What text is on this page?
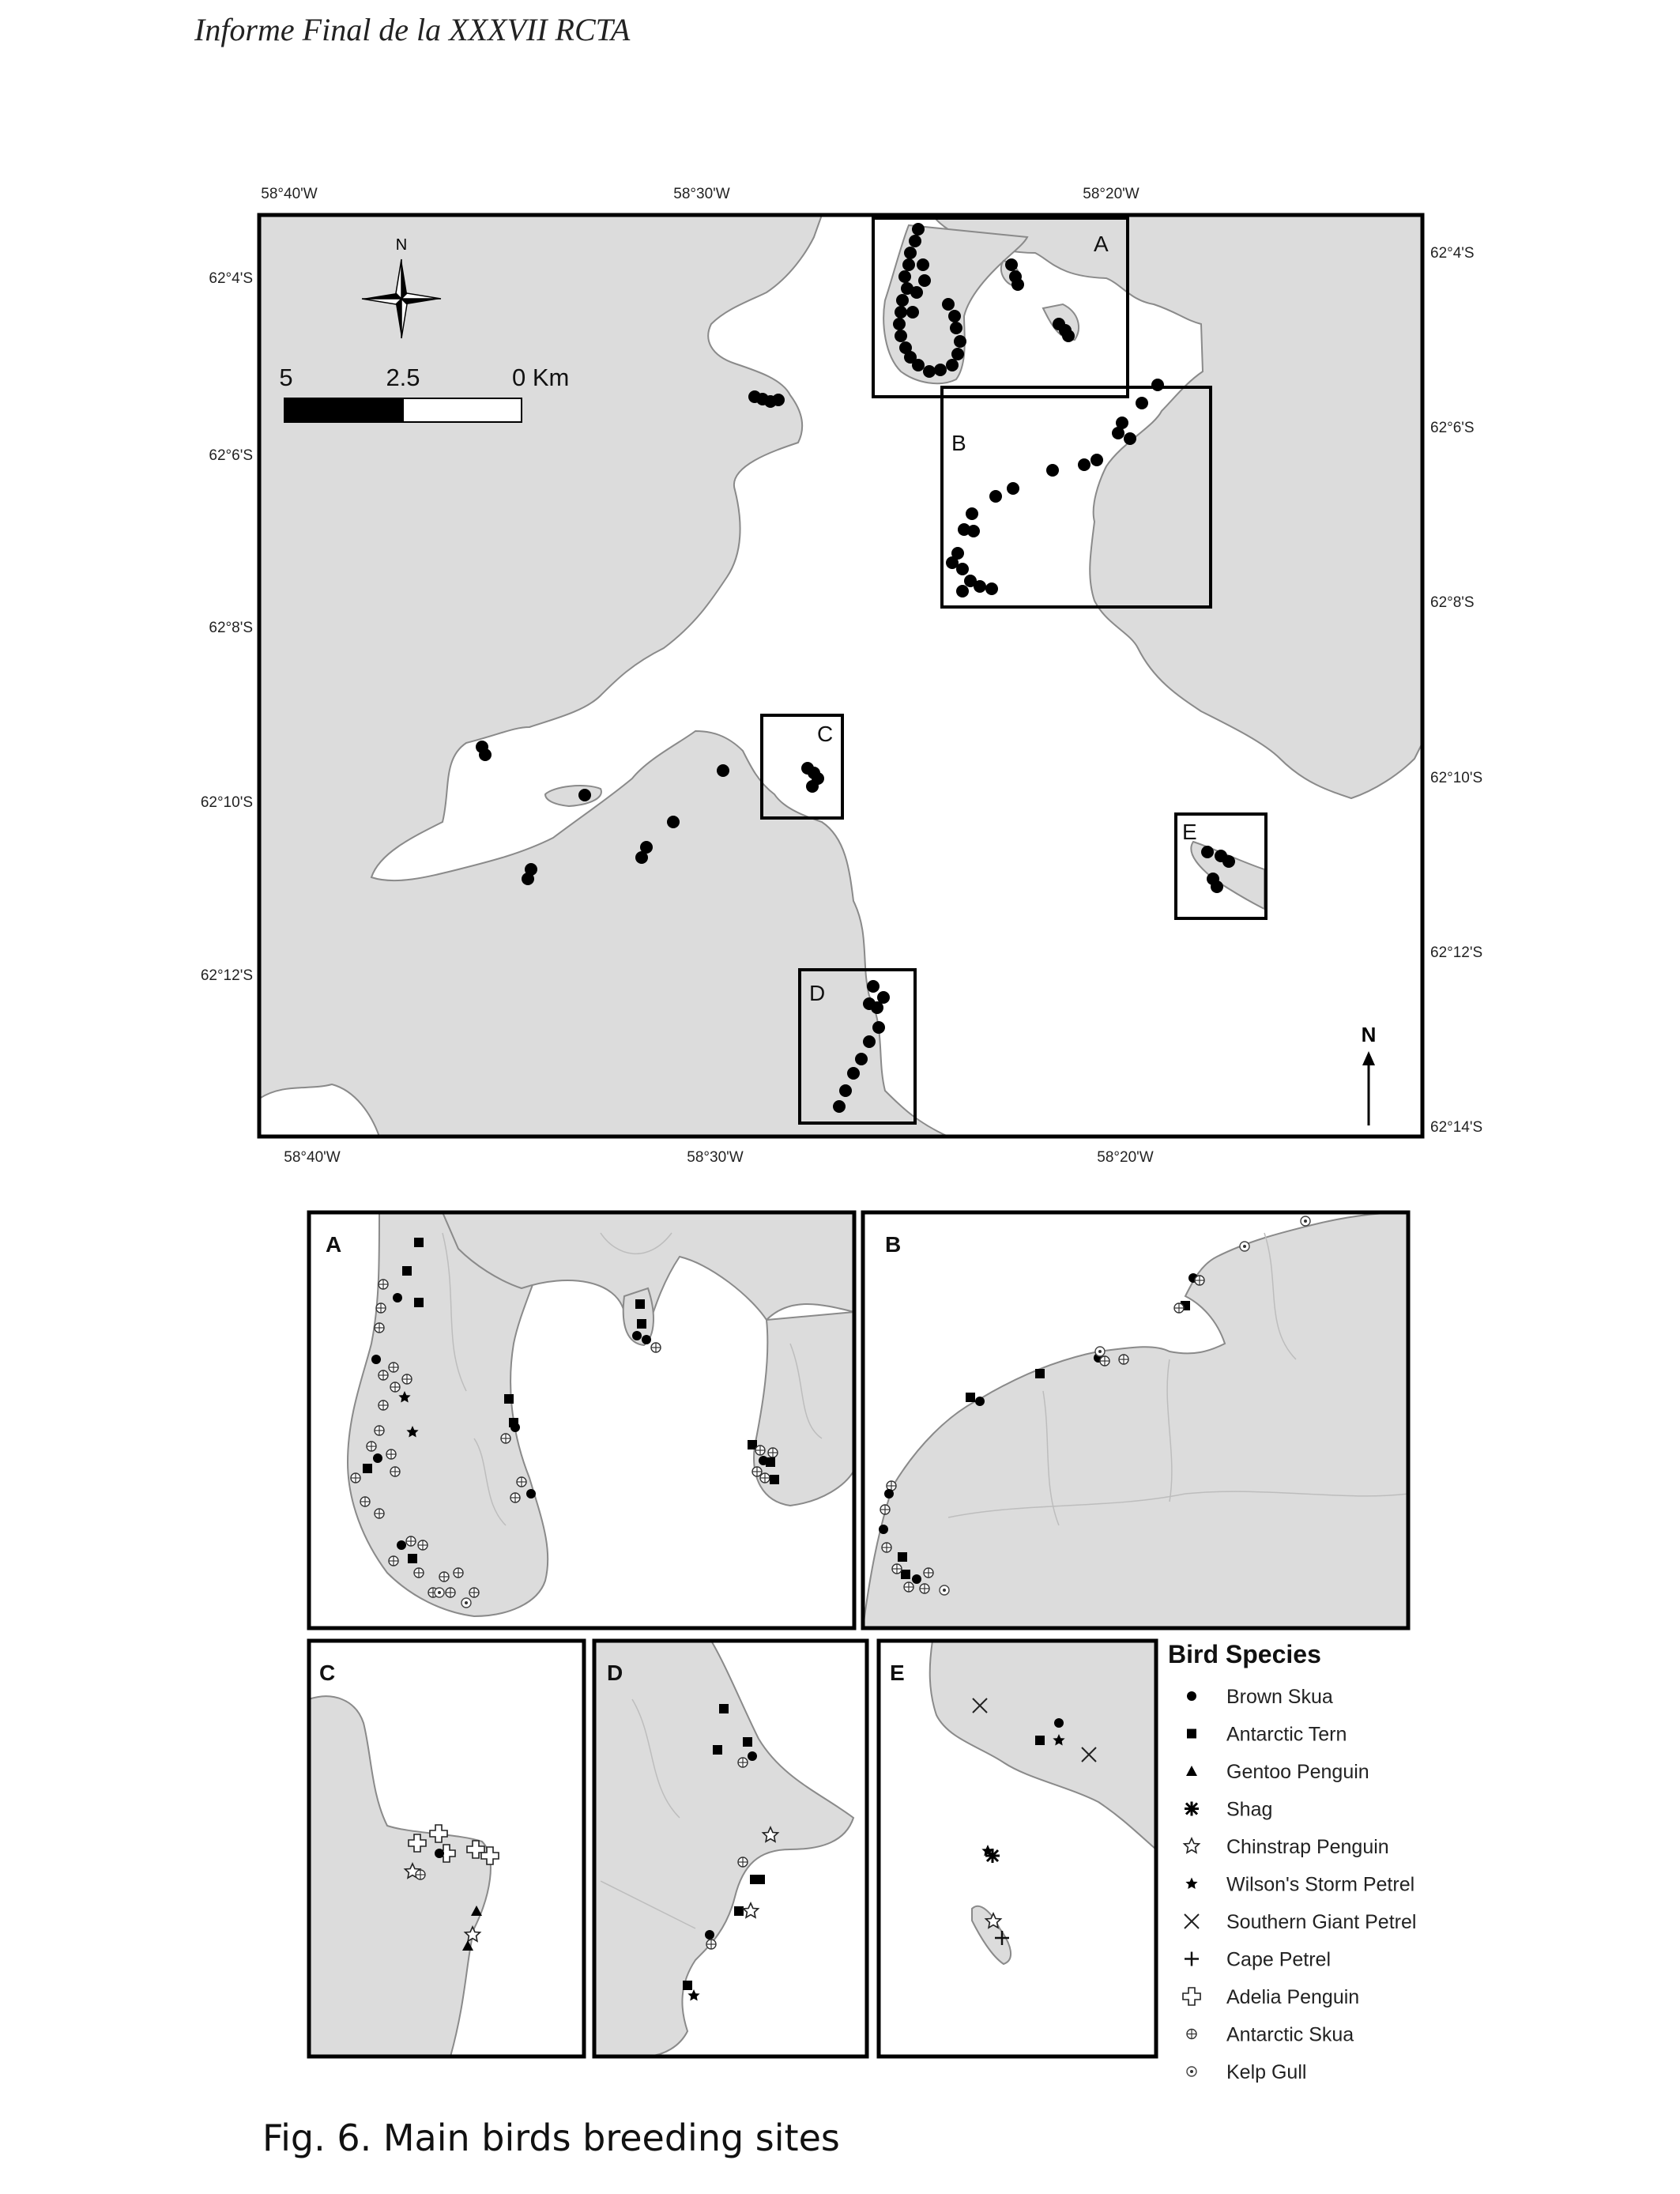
Informe Final de la XXXVII RCTA
58°40'W	58°30'W	58°20'W
58°40'W	58°30'W	58°20'W
62°4'S
62°6'S
62°8'S
62°10'S
62°12'S
62°4'S
62°6'S
62°8'S
62°10'S
62°12'S
62°14'S
N
5	2.5	0 Km
N
A
B
C
D
E
A	B
C	D	E
Bird Species
Brown Skua
Antarctic Tern
Gentoo Penguin
Shag
Chinstrap Penguin
Wilson's Storm Petrel
Southern Giant Petrel
Cape Petrel
Adelia Penguin
Antarctic Skua
Kelp Gull
Fig. 6. Main birds breeding sites
